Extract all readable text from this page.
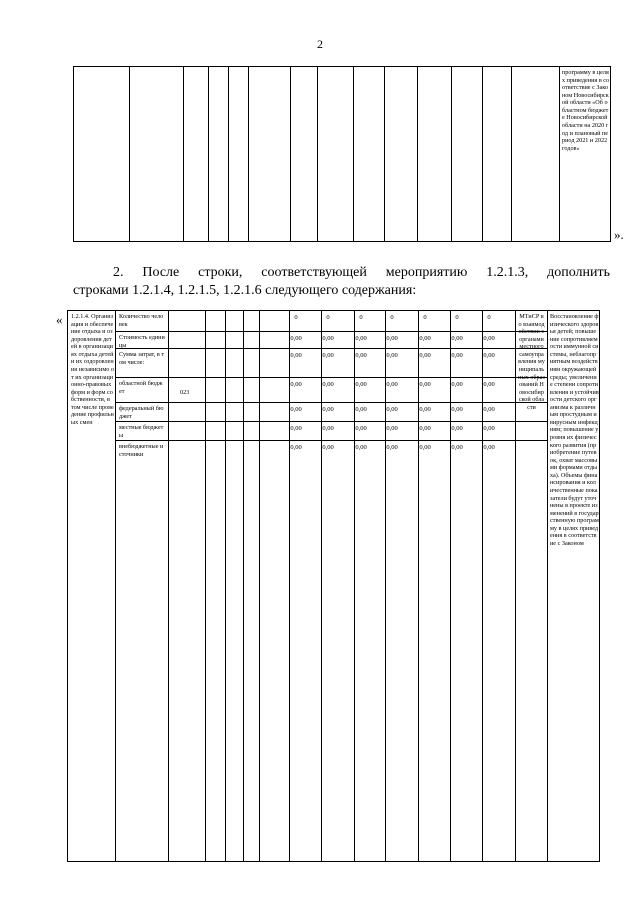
2
программу в целях приведения в соответствие с Законом Новосибирской области «Об областном бюджете Новосибирской области на 2020 год и плановый период 2021 и 2022 годов»
».
2. После строки, соответствующей мероприятию 1.2.1.3, дополнить
строками 1.2.1.4, 1.2.1.5, 1.2.1.6 следующего содержания:
« 1.2.1.4. Организация и обеспечение отдыха и оздоровления детей в организациях отдыха детей и их оздоровления независимо от их организационно-правовых форм и форм собственности, в том числе проведение профильных смен
Количество человек
0	0	0	0	0	0	0
Стоимость единицы
0,00	0,00	0,00	0,00	0,00	0,00	0,00
Сумма затрат, в том числе:
0,00	0,00	0,00	0,00	0,00	0,00	0,00
областной бюджет	023
0,00	0,00	0,00	0,00	0,00	0,00	0,00
федеральный бюджет
0,00	0,00	0,00	0,00	0,00	0,00	0,00
местные бюджеты
0,00	0,00	0,00	0,00	0,00	0,00	0,00
внебюджетные источники
0,00	0,00	0,00	0,00	0,00	0,00	0,00
МТиСР во взаимодействии с органами местного самоуправления муниципальных образований Новосибирской области
Восстановление физического здоровья детей; повышение сопротивляемости иммунной системы, неблагоприятным воздействиям окружающей среды; увеличение степени сопротивления и устойчивости детского организма к различным простудным и вирусным инфекциям; повышение уровня их физического развития (приобретение путевок, охват массовыми формами отдыха). Объемы финансирования и количественные показатели будут уточнены в проекте изменений в государственную программу в целях приведения в соответствие с Законом
